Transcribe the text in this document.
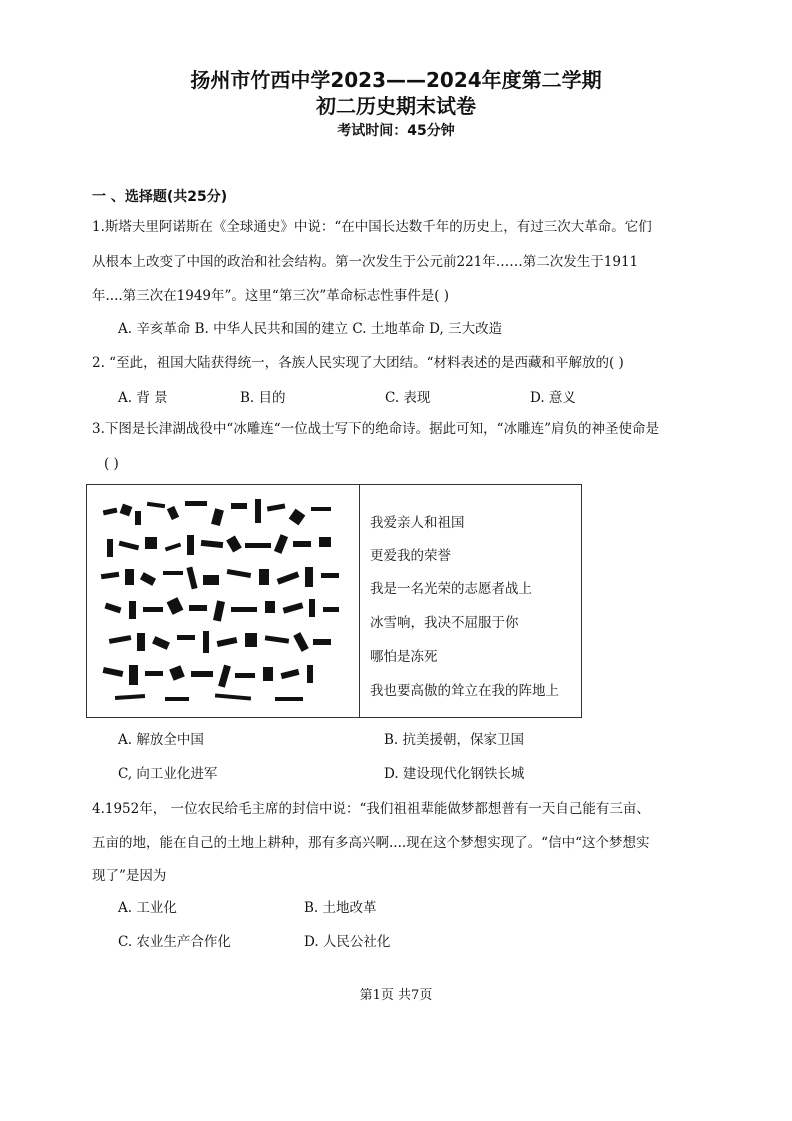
扬州市竹西中学2023——2024年度第二学期
初二历史期末试卷
考试时间：45分钟
一 、选择题(共25分)
1.斯塔夫里阿诺斯在《全球通史》中说：“在中国长达数千年的历史上，有过三次大革命。它们
从根本上改变了中国的政治和社会结构。第一次发生于公元前221年……第二次发生于1911
年....第三次在1949年”。这里“第三次”革命标志性事件是( )
A. 辛亥革命 B. 中华人民共和国的建立 C. 土地革命 D, 三大改造
2. “至此，祖国大陆获得统一，各族人民实现了大团结。“材料表述的是西藏和平解放的( )
A. 背 景	B. 目的	C. 表现	D. 意义
3.下图是长津湖战役中“冰雕连“一位战士写下的绝命诗。据此可知，“冰雕连”肩负的神圣使命是
( )
我爱亲人和祖国
更爱我的荣誉
我是一名光荣的志愿者战上
冰雪响，我决不屈服于你
哪怕是冻死
我也要高傲的耸立在我的阵地上
A. 解放全中国	B. 抗美援朝，保家卫国
C, 向工业化进军	D. 建设现代化钢铁长城
4.1952年， 一位农民给毛主席的封信中说：“我们祖祖辈能做梦都想普有一天自己能有三亩、
五亩的地，能在自己的土地上耕种，那有多高兴啊....现在这个梦想实现了。“信中“这个梦想实
现了”是因为
A. 工业化	B. 土地改革
C. 农业生产合作化	D. 人民公社化
第1页 共7页
